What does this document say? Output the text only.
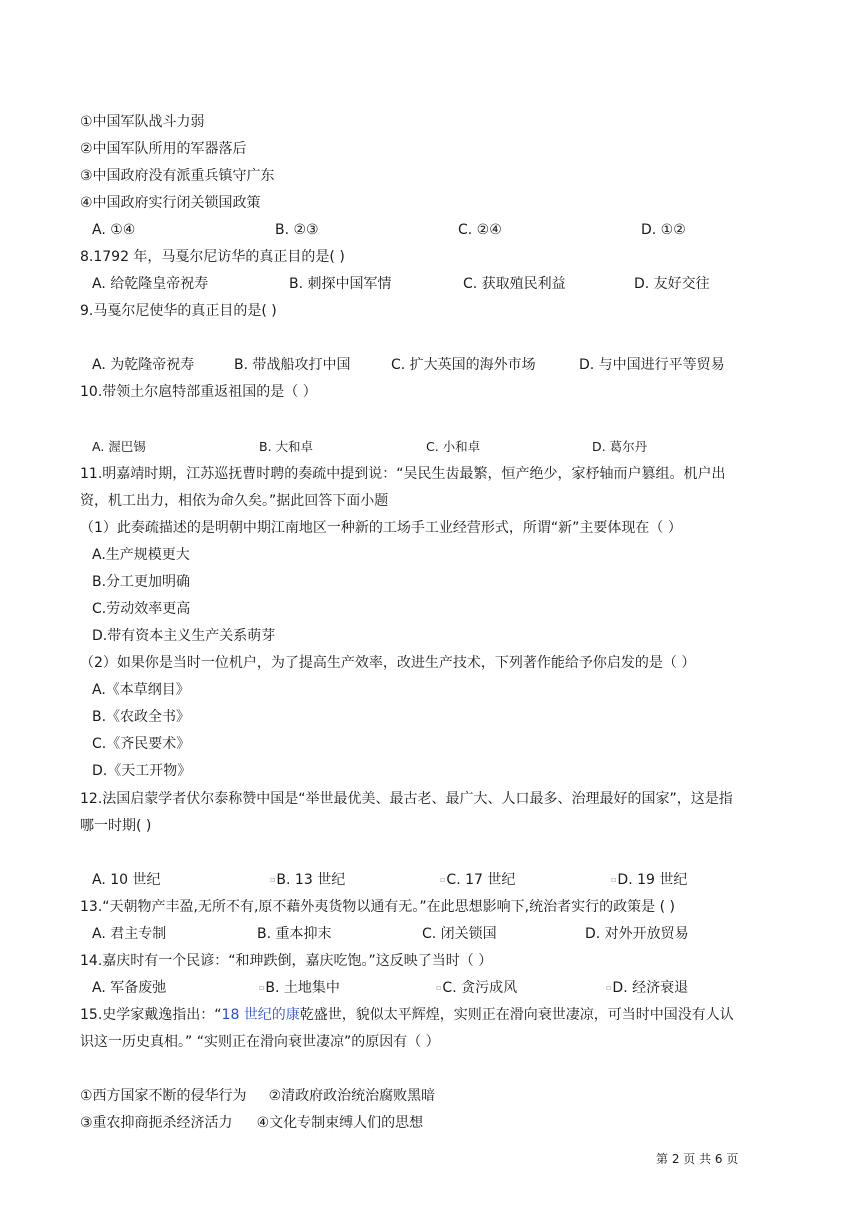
①中国军队战斗力弱
②中国军队所用的军器落后
③中国政府没有派重兵镇守广东
④中国政府实行闭关锁国政策
A. ①④	B. ②③	C. ②④	D. ①②
8.1792 年，马戛尔尼访华的真正目的是( )
A. 给乾隆皇帝祝寿	B. 刺探中国军情	C. 获取殖民利益	D. 友好交往
9.马戛尔尼使华的真正目的是( )
A. 为乾隆帝祝寿	B. 带战船攻打中国	C. 扩大英国的海外市场	D. 与中国进行平等贸易
10.带领土尔扈特部重返祖国的是（ ）
A. 渥巴锡	B. 大和卓	C. 小和卓	D. 葛尔丹
11.明嘉靖时期，江苏巡抚曹时聘的奏疏中提到说：“吴民生齿最繁，恒产绝少，家杼轴而户篡组。机户出
资，机工出力，相依为命久矣。”据此回答下面小题
（1）此奏疏描述的是明朝中期江南地区一种新的工场手工业经营形式，所谓“新”主要体现在（ ）
A.生产规模更大
B.分工更加明确
C.劳动效率更高
D.带有资本主义生产关系萌芽
（2）如果你是当时一位机户，为了提高生产效率，改进生产技术，下列著作能给予你启发的是（ ）
A.《本草纲目》
B.《农政全书》
C.《齐民要术》
D.《天工开物》
12.法国启蒙学者伏尔泰称赞中国是“举世最优美、最古老、最广大、人口最多、治理最好的国家”，这是指
哪一时期( )
A. 10 世纪	▫B. 13 世纪	▫C. 17 世纪	▫D. 19 世纪
13.“天朝物产丰盈,无所不有,原不藉外夷货物以通有无。”在此思想影响下,统治者实行的政策是 ( )
A. 君主专制	B. 重本抑末	C. 闭关锁国	D. 对外开放贸易
14.嘉庆时有一个民谚：“和珅跌倒，嘉庆吃饱。”这反映了当时（ ）
A. 军备废弛	▫B. 土地集中	▫C. 贪污成风	▫D. 经济衰退
15.史学家戴逸指出：“18 世纪的康乾盛世，貌似太平辉煌，实则正在滑向衰世凄凉，可当时中国没有人认
识这一历史真相。” “实则正在滑向衰世凄凉”的原因有（ ）
①西方国家不断的侵华行为 ②清政府政治统治腐败黑暗
③重农抑商扼杀经济活力 ④文化专制束缚人们的思想
第 2 页 共 6 页
